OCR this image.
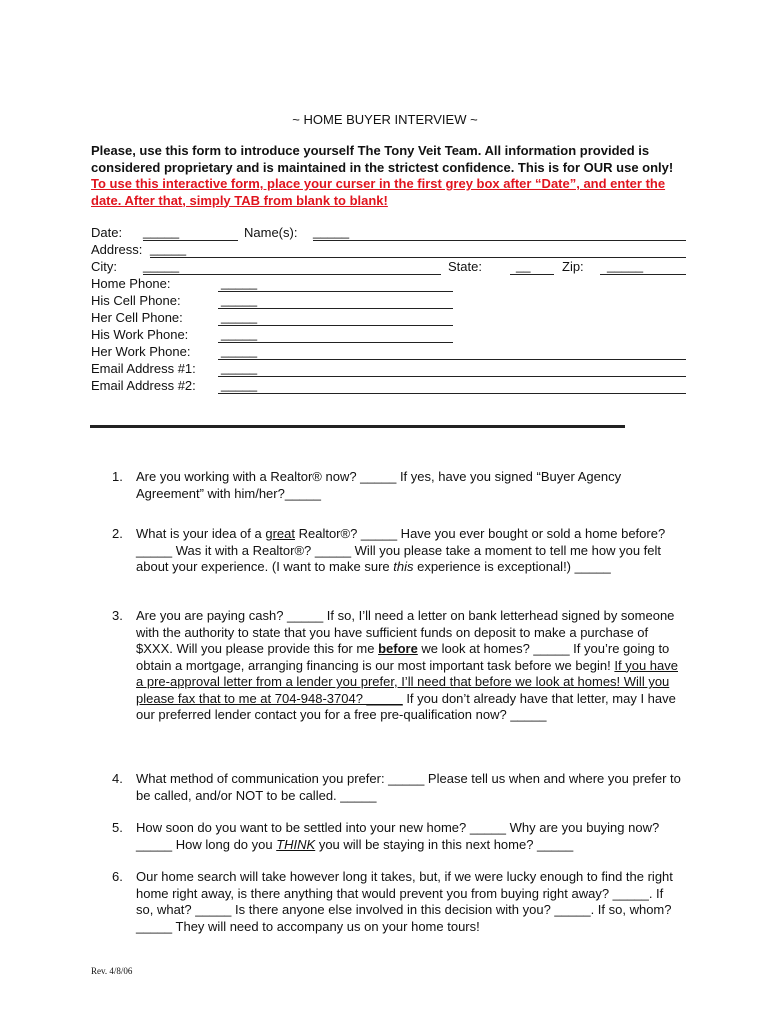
~ HOME BUYER INTERVIEW ~
Please, use this form to introduce yourself The Tony Veit Team. All information provided is considered proprietary and is maintained in the strictest confidence. This is for OUR use only! To use this interactive form, place your curser in the first grey box after “Date”, and enter the date. After that, simply TAB from blank to blank!
Date: _____	Name(s): _____
Address: _____
City: _____	State:	__ Zip: _____
Home Phone:	_____
His Cell Phone:	_____
Her Cell Phone:	_____
His Work Phone:	_____
Her Work Phone: _____
Email Address #1: _____
Email Address #2: _____
1. Are you working with a Realtor® now? _____ If yes, have you signed “Buyer Agency Agreement” with him/her?_____
2. What is your idea of a great Realtor®? _____ Have you ever bought or sold a home before? _____ Was it with a Realtor®? _____ Will you please take a moment to tell me how you felt about your experience. (I want to make sure this experience is exceptional!) _____
3. Are you are paying cash? _____ If so, I’ll need a letter on bank letterhead signed by someone with the authority to state that you have sufficient funds on deposit to make a purchase of $XXX. Will you please provide this for me before we look at homes? _____ If you’re going to obtain a mortgage, arranging financing is our most important task before we begin! If you have a pre-approval letter from a lender you prefer, I’ll need that before we look at homes! Will you please fax that to me at 704-948-3704? _____ If you don’t already have that letter, may I have our preferred lender contact you for a free pre-qualification now? _____
4. What method of communication you prefer: _____ Please tell us when and where you prefer to be called, and/or NOT to be called. _____
5. How soon do you want to be settled into your new home? _____ Why are you buying now? _____ How long do you THINK you will be staying in this next home? _____
6. Our home search will take however long it takes, but, if we were lucky enough to find the right home right away, is there anything that would prevent you from buying right away? _____. If so, what? _____ Is there anyone else involved in this decision with you? _____. If so, whom? _____ They will need to accompany us on your home tours!
Rev. 4/8/06
